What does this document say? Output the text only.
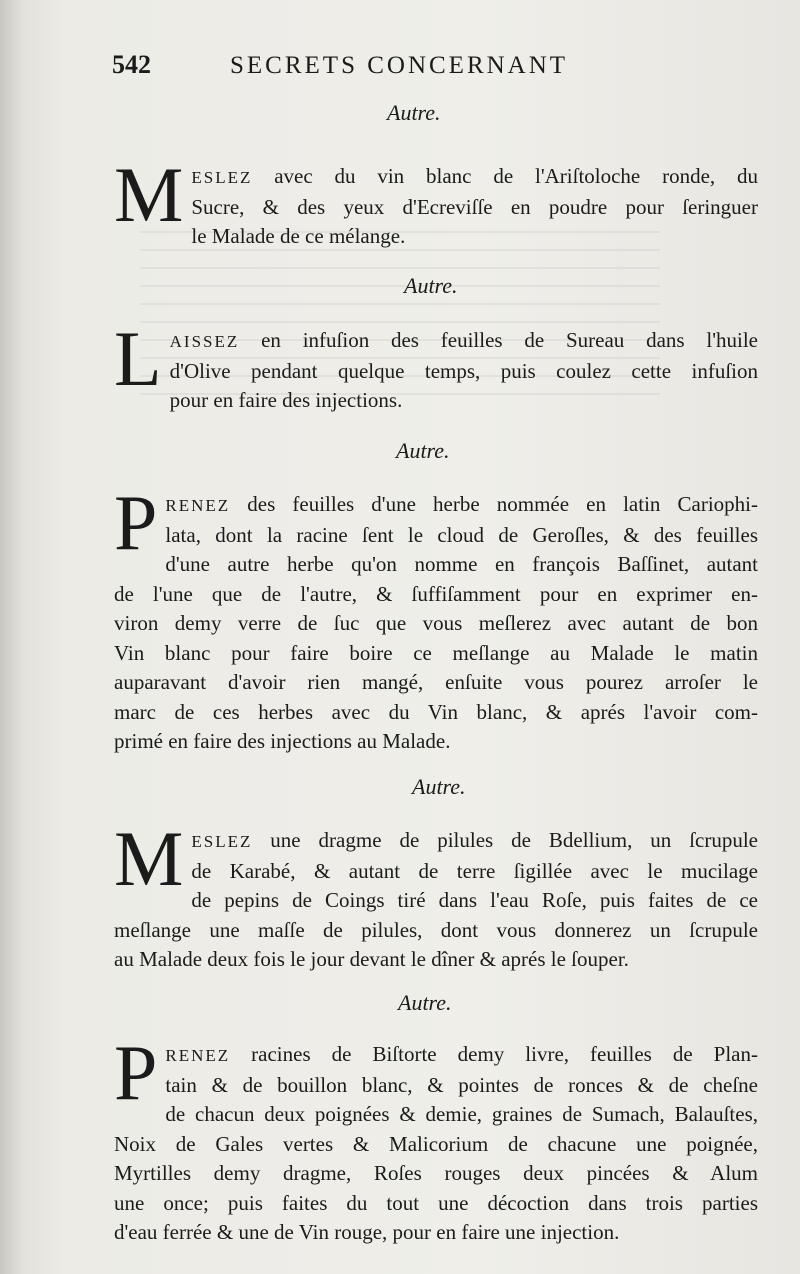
542	SECRETS CONCERNANT
Autre.
M ESLEZ avec du vin blanc de l'Ariſtoloche ronde, du
Sucre, & des yeux d'Ecreviſſe en poudre pour ſeringuer
le Malade de ce mélange.
Autre.
L AISSEZ en infuſion des feuilles de Sureau dans l'huile
d'Olive pendant quelque temps, puis coulez cette infuſion
pour en faire des injections.
Autre.
P RENEZ des feuilles d'une herbe nommée en latin Cariophi-
lata, dont la racine ſent le cloud de Geroſles, & des feuilles
d'une autre herbe qu'on nomme en françois Baſſinet, autant
de l'une que de l'autre, & ſuffiſamment pour en exprimer en-
viron demy verre de ſuc que vous meſlerez avec autant de bon
Vin blanc pour faire boire ce meſlange au Malade le matin
auparavant d'avoir rien mangé, enſuite vous pourez arroſer le
marc de ces herbes avec du Vin blanc, & aprés l'avoir com-
primé en faire des injections au Malade.
Autre.
M ESLEZ une dragme de pilules de Bdellium, un ſcrupule
de Karabé, & autant de terre ſigillée avec le mucilage
de pepins de Coings tiré dans l'eau Roſe, puis faites de ce
meſlange une maſſe de pilules, dont vous donnerez un ſcrupule
au Malade deux fois le jour devant le dîner & aprés le ſouper.
Autre.
P RENEZ racines de Biſtorte demy livre, feuilles de Plan-
tain & de bouillon blanc, & pointes de ronces & de cheſne
de chacun deux poignées & demie, graines de Sumach, Balauſtes,
Noix de Gales vertes & Malicorium de chacune une poignée,
Myrtilles demy dragme, Roſes rouges deux pincées & Alum
une once; puis faites du tout une décoction dans trois parties
d'eau ferrée & une de Vin rouge, pour en faire une injection.
